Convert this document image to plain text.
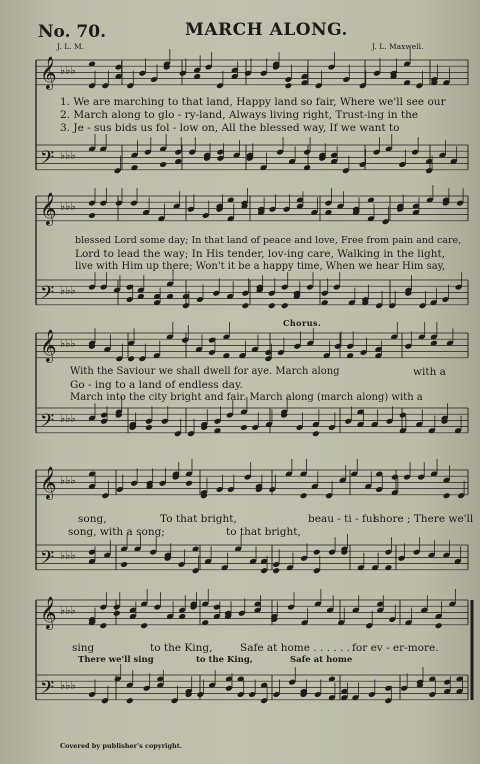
𝄞 ♭♭♭
𝄢 ♭♭♭
𝄞 ♭♭♭
𝄢 ♭♭♭
𝄞 ♭♭♭
𝄢 ♭♭♭
𝄞 ♭♭♭
𝄢 ♭♭♭
𝄞 ♭♭♭
𝄢 ♭♭♭
No. 70.	MARCH ALONG.
J. L. M.	J. L. Maxwell.
1. We are marching to that land, Happy land so fair, Where we'll see our
2. March along to glo - ry-land, Always living right, Trust-ing in the
3. Je - sus bids us fol - low on, All the blessed way, If we want to
blessed Lord some day; In that land of peace and love, Free from pain and care,
Lord to lead the way; In His tender, lov-ing care, Walking in the light,
live with Him up there; Won't it be a happy time, When we hear Him say,
Chorus.
With the Saviour we shall dwell for aye. March along	with a
Go - ing to a land of endless day.
March into the city bright and fair. March along (march along) with a
song,	To that bright,	beau - ti - ful
shore ; There we'll
song, with a song;	to that bright,
sing	to the King,	Safe at home . . . . . . for ev - er-more.
There we'll sing	to the King,	Safe at home
Covered by publisher's copyright.
